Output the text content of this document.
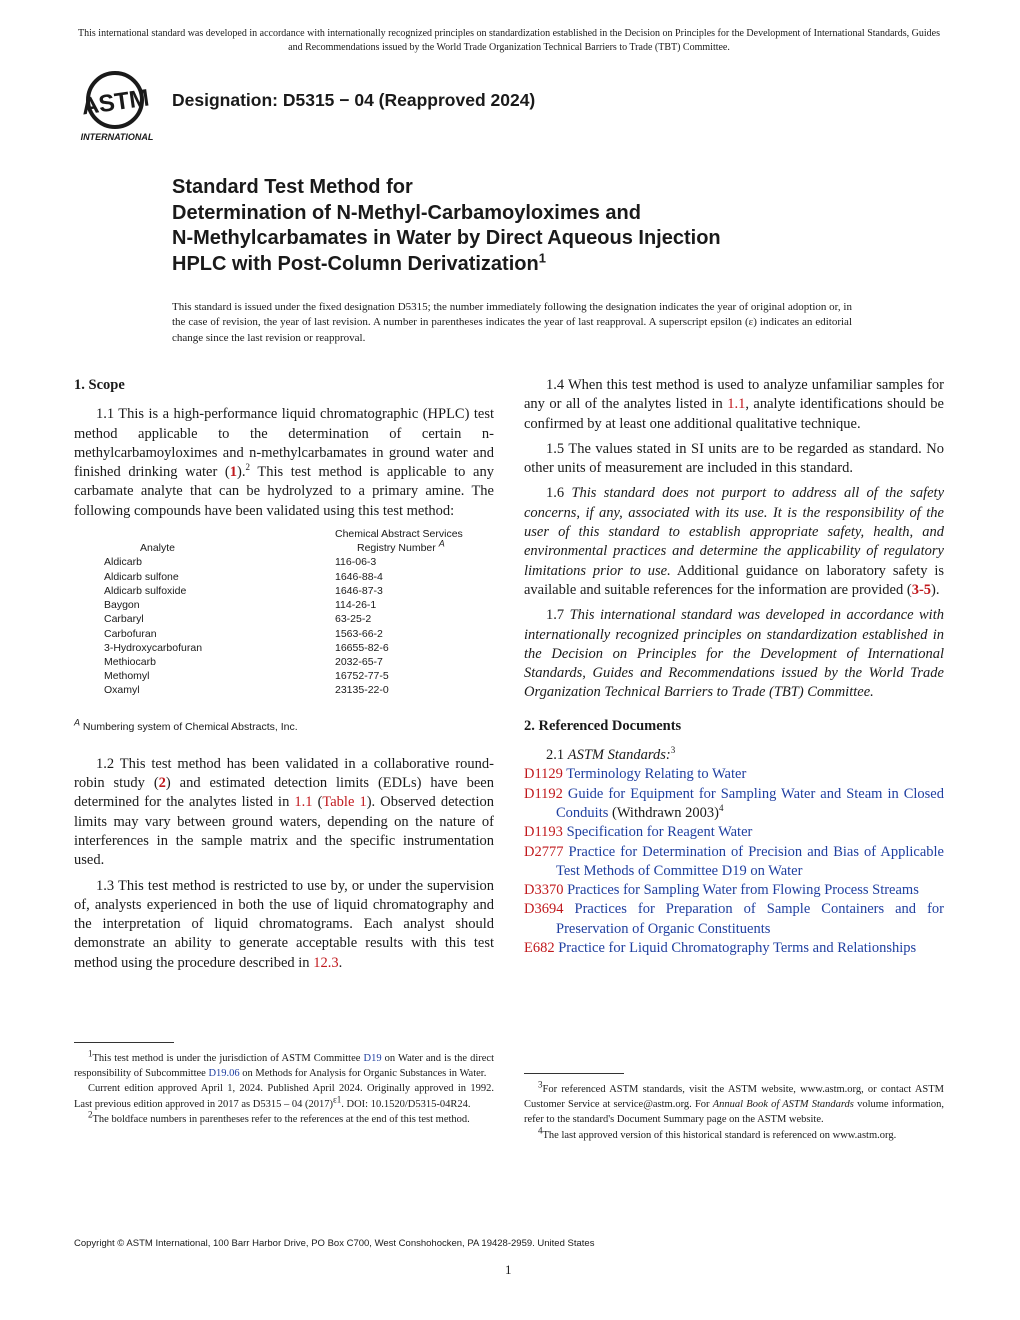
This international standard was developed in accordance with internationally recognized principles on standardization established in the Decision on Principles for the Development of International Standards, Guides and Recommendations issued by the World Trade Organization Technical Barriers to Trade (TBT) Committee.
ASTM
INTERNATIONAL
Designation: D5315 − 04 (Reapproved 2024)
Standard Test Method for
Determination of N-Methyl-Carbamoyloximes and
N-Methylcarbamates in Water by Direct Aqueous Injection
HPLC with Post-Column Derivatization$^1$
This standard is issued under the fixed designation D5315; the number immediately following the designation indicates the year of original adoption or, in the case of revision, the year of last revision. A number in parentheses indicates the year of last reapproval. A superscript epsilon (ε) indicates an editorial change since the last revision or reapproval.
1. Scope

1.1 This is a high-performance liquid chromatographic (HPLC) test method applicable to the determination of certain n-methylcarbamoyloximes and n-methylcarbamates in ground water and finished drinking water (1).$^2$ This test method is applicable to any carbamate analyte that can be hydrolyzed to a primary amine. The following compounds have been validated using this test method:

	Chemical Abstract Services
Analyte	Registry Number $^A$
Aldicarb	116-06-3
Aldicarb sulfone	1646-88-4
Aldicarb sulfoxide	1646-87-3
Baygon	114-26-1
Carbaryl	63-25-2
Carbofuran	1563-66-2
3-Hydroxycarbofuran	16655-82-6
Methiocarb	2032-65-7
Methomyl	16752-77-5
Oxamyl	23135-22-0
$^A$ Numbering system of Chemical Abstracts, Inc.

1.2 This test method has been validated in a collaborative round-robin study (2) and estimated detection limits (EDLs) have been determined for the analytes listed in 1.1 (Table 1). Observed detection limits may vary between ground waters, depending on the nature of interferences in the sample matrix and the specific instrumentation used.

1.3 This test method is restricted to use by, or under the supervision of, analysts experienced in both the use of liquid chromatography and the interpretation of liquid chromatograms. Each analyst should demonstrate an ability to generate acceptable results with this test method using the procedure described in 12.3.

1.4 When this test method is used to analyze unfamiliar samples for any or all of the analytes listed in 1.1, analyte identifications should be confirmed by at least one additional qualitative technique.

1.5 The values stated in SI units are to be regarded as standard. No other units of measurement are included in this standard.

1.6 This standard does not purport to address all of the safety concerns, if any, associated with its use. It is the responsibility of the user of this standard to establish appropriate safety, health, and environmental practices and determine the applicability of regulatory limitations prior to use. Additional guidance on laboratory safety is available and suitable references for the information are provided (3-5).

1.7 This international standard was developed in accordance with internationally recognized principles on standardization established in the Decision on Principles for the Development of International Standards, Guides and Recommendations issued by the World Trade Organization Technical Barriers to Trade (TBT) Committee.

2. Referenced Documents

2.1 ASTM Standards:$^3$

D1129 Terminology Relating to Water
D1192 Guide for Equipment for Sampling Water and Steam in Closed Conduits (Withdrawn 2003)$^4$
D1193 Specification for Reagent Water
D2777 Practice for Determination of Precision and Bias of Applicable Test Methods of Committee D19 on Water
D3370 Practices for Sampling Water from Flowing Process Streams
D3694 Practices for Preparation of Sample Containers and for Preservation of Organic Constituents
E682 Practice for Liquid Chromatography Terms and Relationships

$^1$This test method is under the jurisdiction of ASTM Committee D19 on Water and is the direct responsibility of Subcommittee D19.06 on Methods for Analysis for Organic Substances in Water.

Current edition approved April 1, 2024. Published April 2024. Originally approved in 1992. Last previous edition approved in 2017 as D5315 – 04 $(2017)^{\varepsilon 1}$. DOI: 10.1520/D5315-04R24.

$^2$The boldface numbers in parentheses refer to the references at the end of this test method.

$^3$For referenced ASTM standards, visit the ASTM website, www.astm.org, or contact ASTM Customer Service at service@astm.org. For Annual Book of ASTM Standards volume information, refer to the standard's Document Summary page on the ASTM website.

$^4$The last approved version of this historical standard is referenced on www.astm.org.

Copyright © ASTM International, 100 Barr Harbor Drive, PO Box C700, West Conshohocken, PA 19428-2959. United States
1
